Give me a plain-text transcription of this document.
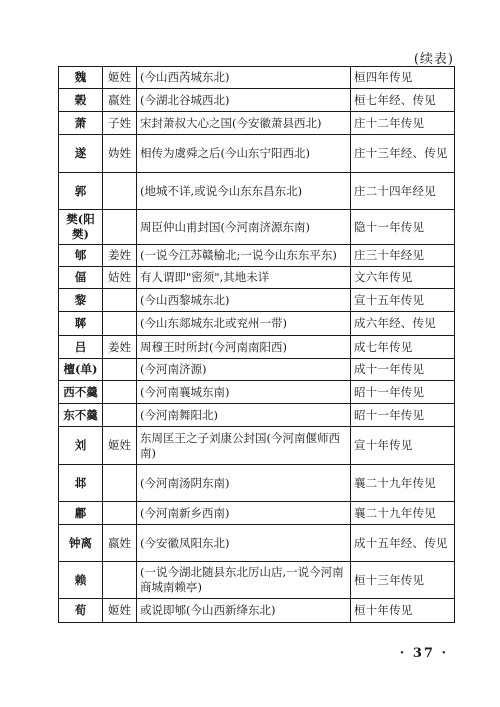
(续表)
魏	姬姓	(今山西芮城东北)	桓四年传见
榖	嬴姓	(今湖北谷城西北)	桓七年经、传见
萧	子姓	宋封萧叔大心之国(今安徽萧县西北)	庄十二年传见
遂	妫姓	相传为虞舜之后(今山东宁阳西北)	庄十三年经、传见
郭		(地城不详,或说今山东东昌东北)	庄二十四年经见
樊(阳樊)		周臣仲山甫封国(今河南济源东南)	隐十一年传见
郇	姜姓	(一说今江苏赣榆北;一说今山东东平东)	庄三十年经见
偪	姞姓	有人谓即"密须",其地未详	文六年传见
黎		(今山西黎城东北)	宣十五年传见
郰		(今山东郯城东北或兖州一带)	成六年经、传见
吕	姜姓	周穆王时所封(今河南南阳西)	成七年传见
檀(单)		(今河南济源)	成十一年传见
西不羹		(今河南襄城东南)	昭十一年传见
东不羹		(今河南舞阳北)	昭十一年传见
刘	姬姓	东周匡王之子刘康公封国(今河南偃师西南)	宣十年传见
邶		(今河南汤阴东南)	襄二十九年传见
鄘		(今河南新乡西南)	襄二十九年传见
钟离	嬴姓	(今安徽凤阳东北)	成十五年经、传见
赖		(一说今湖北随县东北厉山店,一说今河南商城南赖亭)	桓十三年传见
荀	姬姓	或说即郇(今山西新绛东北)	桓十年传见
· 37 ·
